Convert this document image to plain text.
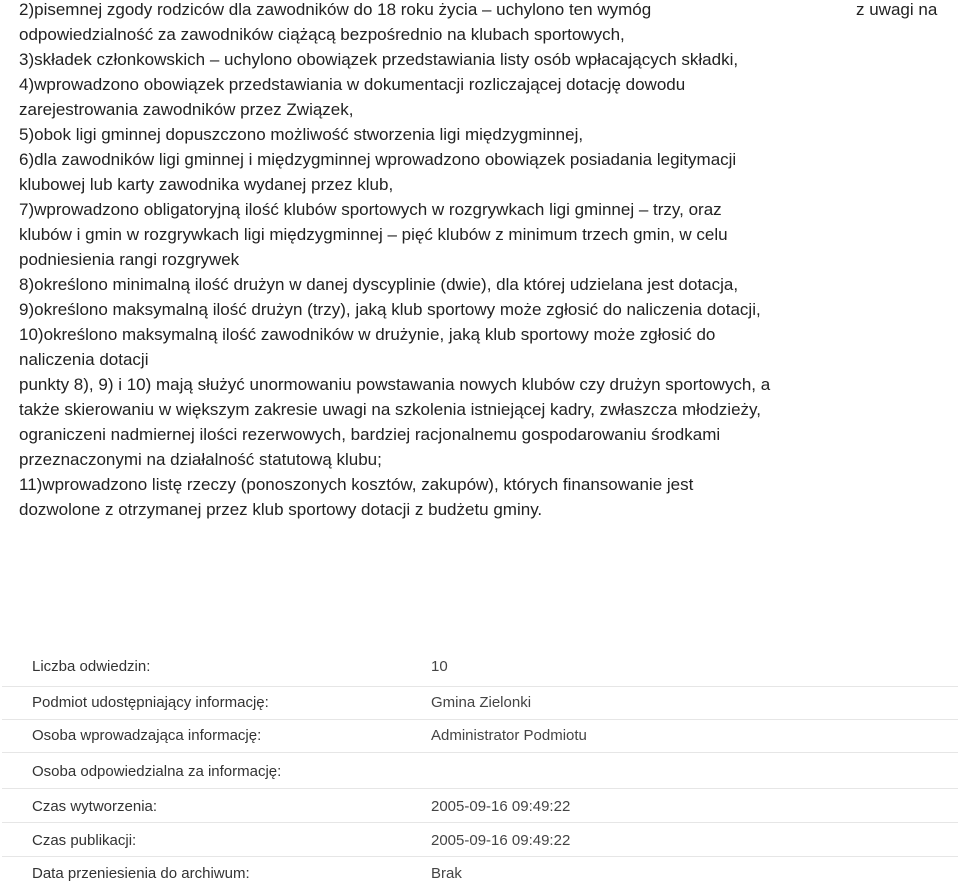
2)pisemnej zgody rodziców dla zawodników do 18 roku życia – uchylono ten wymóg	z uwagi na
odpowiedzialność za zawodników ciążącą bezpośrednio na klubach sportowych,
3)składek członkowskich – uchylono obowiązek przedstawiania listy osób wpłacających składki,
4)wprowadzono obowiązek przedstawiania w dokumentacji rozliczającej dotację dowodu
zarejestrowania zawodników przez Związek,
5)obok ligi gminnej dopuszczono możliwość stworzenia ligi międzygminnej,
6)dla zawodników ligi gminnej i międzygminnej wprowadzono obowiązek posiadania legitymacji
klubowej lub karty zawodnika wydanej przez klub,
7)wprowadzono obligatoryjną ilość klubów sportowych w rozgrywkach ligi gminnej – trzy, oraz
klubów i gmin w rozgrywkach ligi międzygminnej – pięć klubów z minimum trzech gmin, w celu
podniesienia rangi rozgrywek
8)określono minimalną ilość drużyn w danej dyscyplinie (dwie), dla której udzielana jest dotacja,
9)określono maksymalną ilość drużyn (trzy), jaką klub sportowy może zgłosić do naliczenia dotacji,
10)określono maksymalną ilość zawodników w drużynie, jaką klub sportowy może zgłosić do
naliczenia dotacji
punkty 8), 9) i 10) mają służyć unormowaniu powstawania nowych klubów czy drużyn sportowych, a
także skierowaniu w większym zakresie uwagi na szkolenia istniejącej kadry, zwłaszcza młodzieży,
ograniczeni nadmiernej ilości rezerwowych, bardziej racjonalnemu gospodarowaniu środkami
przeznaczonymi na działalność statutową klubu;
11)wprowadzono listę rzeczy (ponoszonych kosztów, zakupów), których finansowanie jest
dozwolone z otrzymanej przez klub sportowy dotacji z budżetu gminy.
Liczba odwiedzin:	10
Podmiot udostępniający informację:	Gmina Zielonki
Osoba wprowadzająca informację:	Administrator Podmiotu
Osoba odpowiedzialna za informację:
Czas wytworzenia:	2005-09-16 09:49:22
Czas publikacji:	2005-09-16 09:49:22
Data przeniesienia do archiwum:	Brak
